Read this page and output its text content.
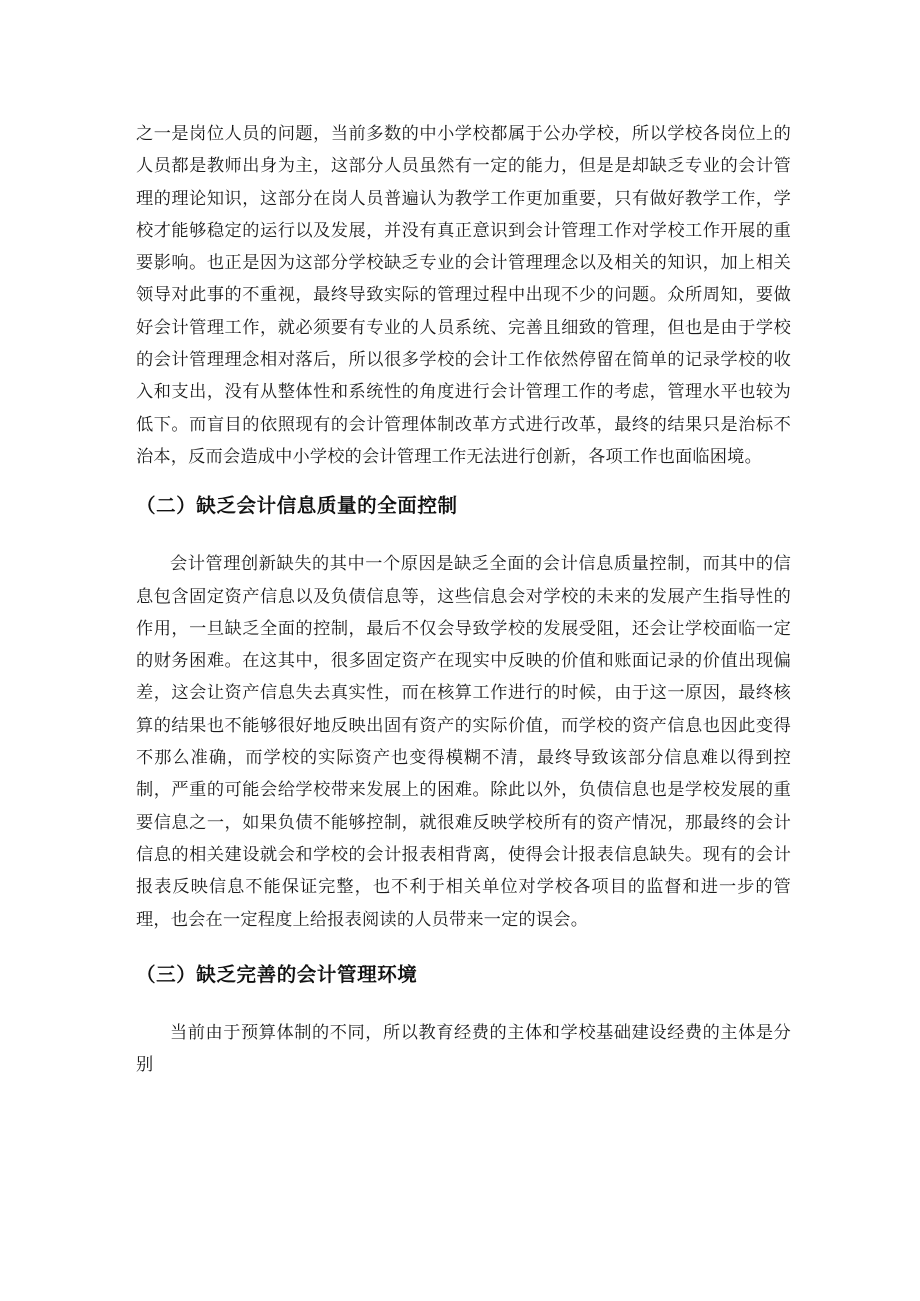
之一是岗位人员的问题，当前多数的中小学校都属于公办学校，所以学校各岗位上的人员都是教师出身为主，这部分人员虽然有一定的能力，但是是却缺乏专业的会计管理的理论知识，这部分在岗人员普遍认为教学工作更加重要，只有做好教学工作，学校才能够稳定的运行以及发展，并没有真正意识到会计管理工作对学校工作开展的重要影响。也正是因为这部分学校缺乏专业的会计管理理念以及相关的知识，加上相关领导对此事的不重视，最终导致实际的管理过程中出现不少的问题。众所周知，要做好会计管理工作，就必须要有专业的人员系统、完善且细致的管理，但也是由于学校的会计管理理念相对落后，所以很多学校的会计工作依然停留在简单的记录学校的收入和支出，没有从整体性和系统性的角度进行会计管理工作的考虑，管理水平也较为低下。而盲目的依照现有的会计管理体制改革方式进行改革，最终的结果只是治标不治本，反而会造成中小学校的会计管理工作无法进行创新，各项工作也面临困境。

（二）缺乏会计信息质量的全面控制

会计管理创新缺失的其中一个原因是缺乏全面的会计信息质量控制，而其中的信息包含固定资产信息以及负债信息等，这些信息会对学校的未来的发展产生指导性的作用，一旦缺乏全面的控制，最后不仅会导致学校的发展受阻，还会让学校面临一定的财务困难。在这其中，很多固定资产在现实中反映的价值和账面记录的价值出现偏差，这会让资产信息失去真实性，而在核算工作进行的时候，由于这一原因，最终核算的结果也不能够很好地反映出固有资产的实际价值，而学校的资产信息也因此变得不那么准确，而学校的实际资产也变得模糊不清，最终导致该部分信息难以得到控制，严重的可能会给学校带来发展上的困难。除此以外，负债信息也是学校发展的重要信息之一，如果负债不能够控制，就很难反映学校所有的资产情况，那最终的会计信息的相关建设就会和学校的会计报表相背离，使得会计报表信息缺失。现有的会计报表反映信息不能保证完整，也不利于相关单位对学校各项目的监督和进一步的管理，也会在一定程度上给报表阅读的人员带来一定的误会。

（三）缺乏完善的会计管理环境

当前由于预算体制的不同，所以教育经费的主体和学校基础建设经费的主体是分别
